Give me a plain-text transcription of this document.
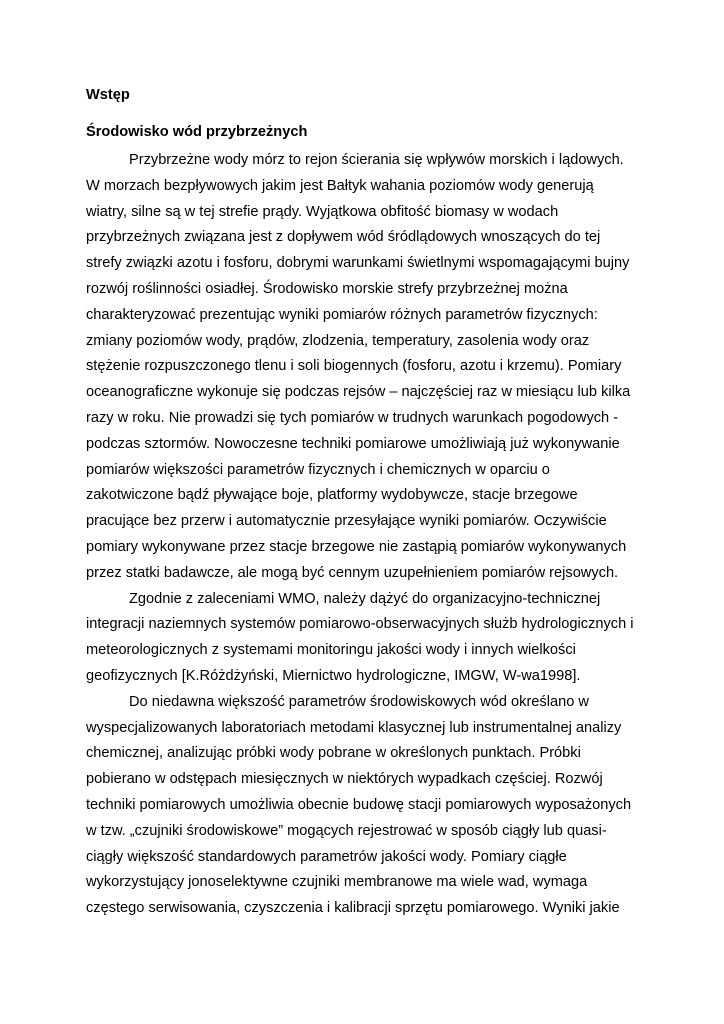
Wstęp
Środowisko wód przybrzeżnych

Przybrzeżne wody mórz to rejon ścierania się wpływów morskich i lądowych.
W morzach bezpływowych jakim jest Bałtyk wahania poziomów wody generują
wiatry, silne są w tej strefie prądy. Wyjątkowa obfitość biomasy w wodach
przybrzeżnych związana jest z dopływem wód śródlądowych wnoszących do tej
strefy związki azotu i fosforu, dobrymi warunkami świetlnymi wspomagającymi bujny
rozwój roślinności osiadłej. Środowisko morskie strefy przybrzeżnej można
charakteryzować prezentując wyniki pomiarów różnych parametrów fizycznych:
zmiany poziomów wody, prądów, zlodzenia, temperatury, zasolenia wody oraz
stężenie rozpuszczonego tlenu i soli biogennych (fosforu, azotu i krzemu). Pomiary
oceanograficzne wykonuje się podczas rejsów – najczęściej raz w miesiącu lub kilka
razy w roku. Nie prowadzi się tych pomiarów w trudnych warunkach pogodowych -
podczas sztormów. Nowoczesne techniki pomiarowe umożliwiają już wykonywanie
pomiarów większości parametrów fizycznych i chemicznych w oparciu o
zakotwiczone bądź pływające boje, platformy wydobywcze, stacje brzegowe
pracujące bez przerw i automatycznie przesyłające wyniki pomiarów. Oczywiście
pomiary wykonywane przez stacje brzegowe nie zastąpią pomiarów wykonywanych
przez statki badawcze, ale mogą być cennym uzupełnieniem pomiarów rejsowych.

Zgodnie z zaleceniami WMO, należy dążyć do organizacyjno-technicznej
integracji naziemnych systemów pomiarowo-obserwacyjnych służb hydrologicznych i
meteorologicznych z systemami monitoringu jakości wody i innych wielkości
geofizycznych [K.Różdżyński, Miernictwo hydrologiczne, IMGW, W-wa1998].

Do niedawna większość parametrów środowiskowych wód określano w
wyspecjalizowanych laboratoriach metodami klasycznej lub instrumentalnej analizy
chemicznej, analizując próbki wody pobrane w określonych punktach. Próbki
pobierano w odstępach miesięcznych w niektórych wypadkach częściej. Rozwój
techniki pomiarowych umożliwia obecnie budowę stacji pomiarowych wyposażonych
w tzw. „czujniki środowiskowe” mogących rejestrować w sposób ciągły lub quasi-
ciągły większość standardowych parametrów jakości wody. Pomiary ciągłe
wykorzystujący jonoselektywne czujniki membranowe ma wiele wad, wymaga
częstego serwisowania, czyszczenia i kalibracji sprzętu pomiarowego. Wyniki jakie
